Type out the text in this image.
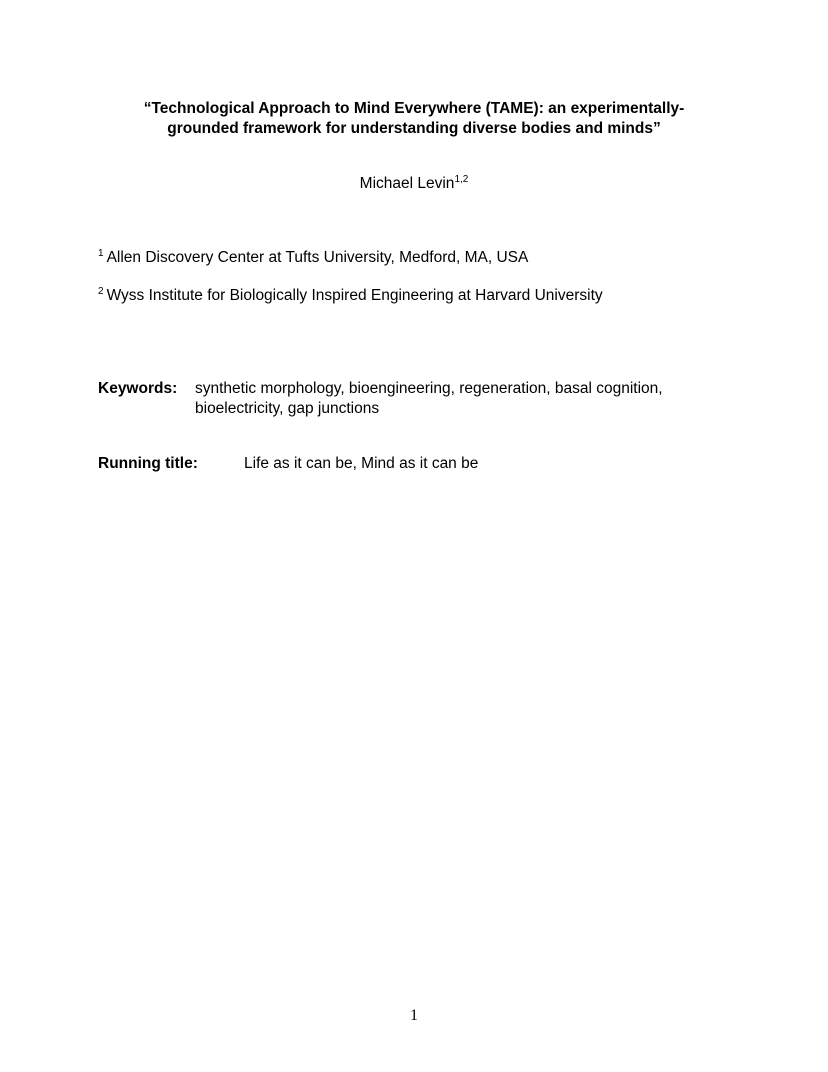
“Technological Approach to Mind Everywhere (TAME): an experimentally-
grounded framework for understanding diverse bodies and minds”
Michael Levin$^{1,2}$
$^1$ Allen Discovery Center at Tufts University, Medford, MA, USA
$^2$ Wyss Institute for Biologically Inspired Engineering at Harvard University
Keywords: synthetic morphology, bioengineering, regeneration, basal cognition,
bioelectricity, gap junctions
Running title:	Life as it can be, Mind as it can be
1
